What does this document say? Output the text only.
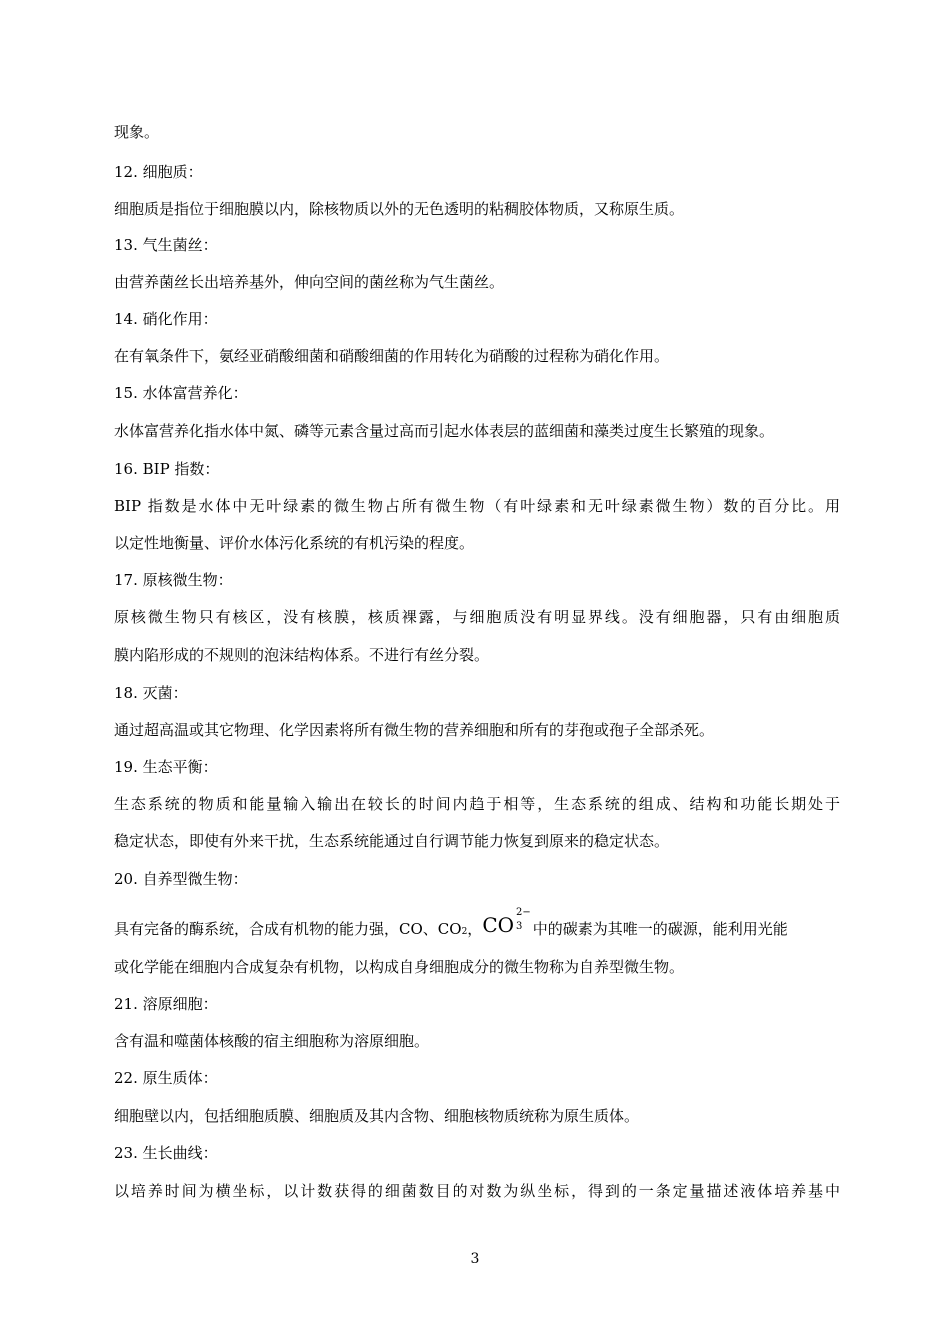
现象。
12. 细胞质：
细胞质是指位于细胞膜以内，除核物质以外的无色透明的粘稠胶体物质，又称原生质。
13. 气生菌丝：
由营养菌丝长出培养基外，伸向空间的菌丝称为气生菌丝。
14. 硝化作用：
在有氧条件下，氨经亚硝酸细菌和硝酸细菌的作用转化为硝酸的过程称为硝化作用。
15. 水体富营养化：
水体富营养化指水体中氮、磷等元素含量过高而引起水体表层的蓝细菌和藻类过度生长繁殖的现象。
16. BIP 指数：
BIP 指数是水体中无叶绿素的微生物占所有微生物（有叶绿素和无叶绿素微生物）数的百分比。用
以定性地衡量、评价水体污化系统的有机污染的程度。
17. 原核微生物：
原核微生物只有核区，没有核膜，核质裸露，与细胞质没有明显界线。没有细胞器，只有由细胞质
膜内陷形成的不规则的泡沫结构体系。不进行有丝分裂。
18. 灭菌：
通过超高温或其它物理、化学因素将所有微生物的营养细胞和所有的芽孢或孢子全部杀死。
19. 生态平衡：
生态系统的物质和能量输入输出在较长的时间内趋于相等，生态系统的组成、结构和功能长期处于
稳定状态，即使有外来干扰，生态系统能通过自行调节能力恢复到原来的稳定状态。
20. 自养型微生物：
具有完备的酶系统，合成有机物的能力强，CO、CO2，CO
2−
3 中的碳素为其唯一的碳源，能利用光能
或化学能在细胞内合成复杂有机物，以构成自身细胞成分的微生物称为自养型微生物。
21. 溶原细胞：
含有温和噬菌体核酸的宿主细胞称为溶原细胞。
22. 原生质体：
细胞壁以内，包括细胞质膜、细胞质及其内含物、细胞核物质统称为原生质体。
23. 生长曲线：
以培养时间为横坐标，以计数获得的细菌数目的对数为纵坐标，得到的一条定量描述液体培养基中
3
